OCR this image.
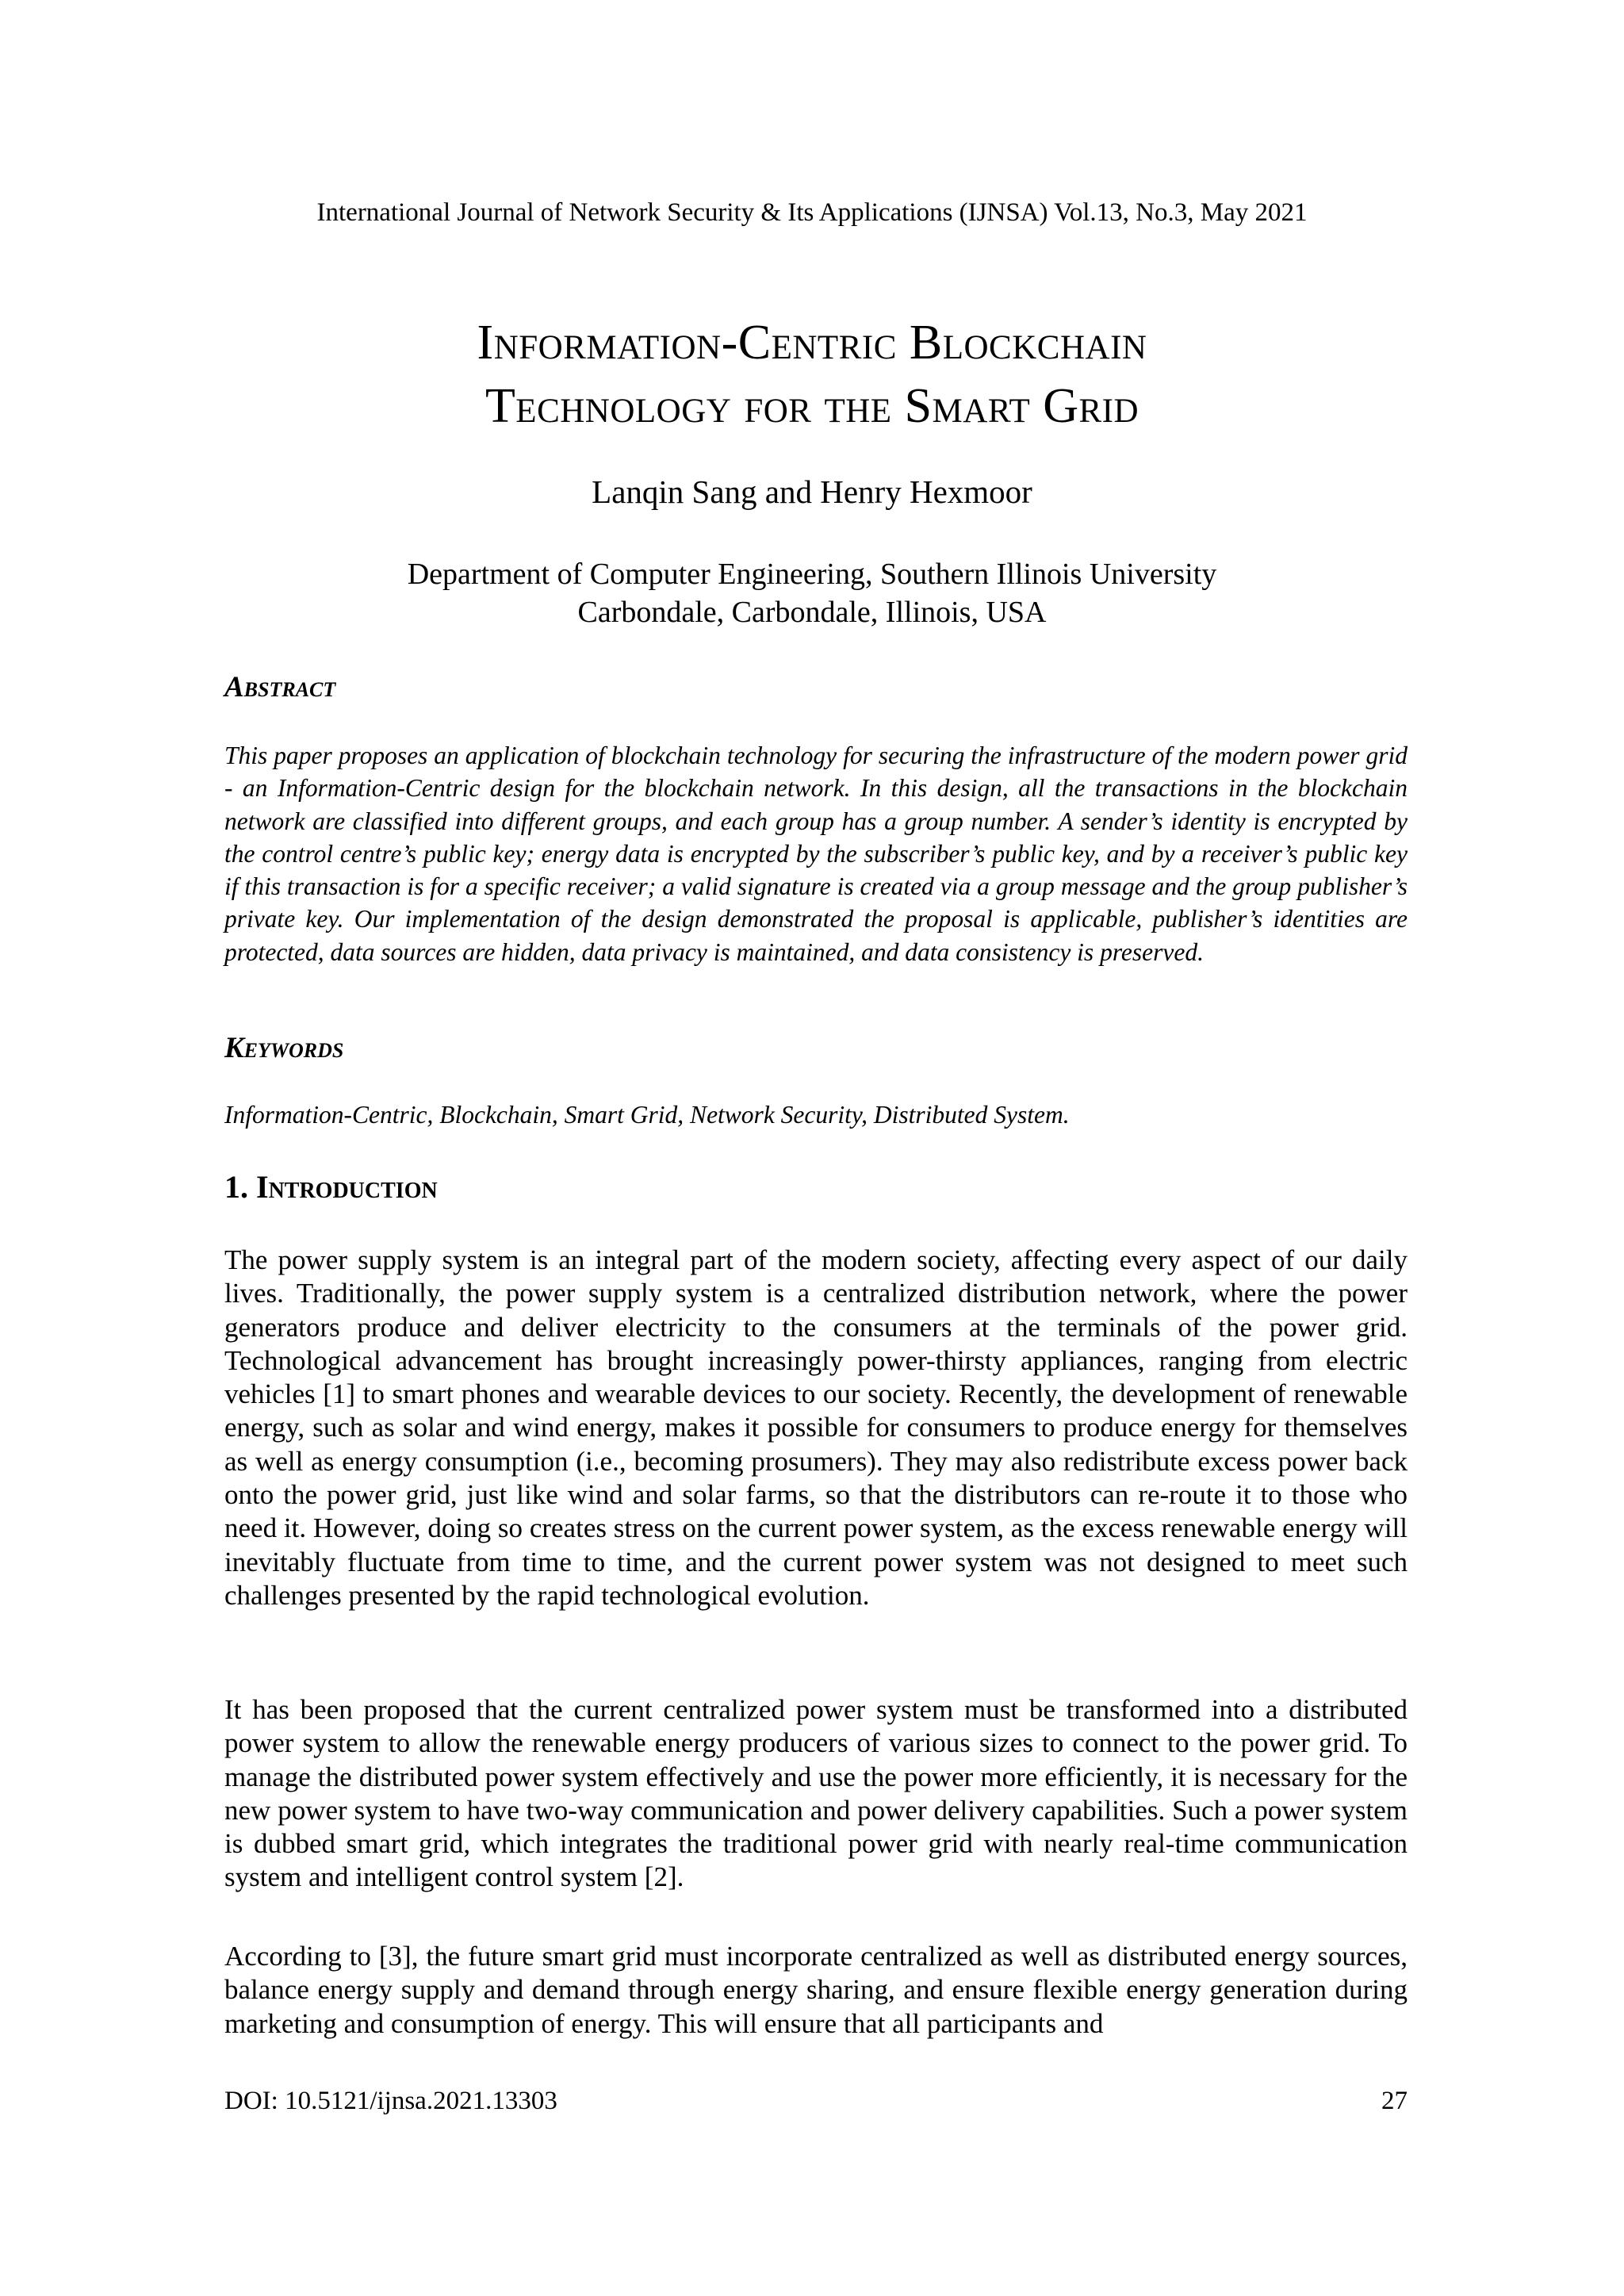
International Journal of Network Security & Its Applications (IJNSA) Vol.13, No.3, May 2021
Information-Centric Blockchain
Technology for the Smart Grid
Lanqin Sang and Henry Hexmoor
Department of Computer Engineering, Southern Illinois University
Carbondale, Carbondale, Illinois, USA
Abstract
This paper proposes an application of blockchain technology for securing the infrastructure of the modern power grid - an Information-Centric design for the blockchain network. In this design, all the transactions in the blockchain network are classified into different groups, and each group has a group number. A sender’s identity is encrypted by the control centre’s public key; energy data is encrypted by the subscriber’s public key, and by a receiver’s public key if this transaction is for a specific receiver; a valid signature is created via a group message and the group publisher’s private key. Our implementation of the design demonstrated the proposal is applicable, publisher’s identities are protected, data sources are hidden, data privacy is maintained, and data consistency is preserved.
Keywords
Information-Centric, Blockchain, Smart Grid, Network Security, Distributed System.
1. Introduction
The power supply system is an integral part of the modern society, affecting every aspect of our daily lives. Traditionally, the power supply system is a centralized distribution network, where the power generators produce and deliver electricity to the consumers at the terminals of the power grid. Technological advancement has brought increasingly power-thirsty appliances, ranging from electric vehicles [1] to smart phones and wearable devices to our society. Recently, the development of renewable energy, such as solar and wind energy, makes it possible for consumers to produce energy for themselves as well as energy consumption (i.e., becoming prosumers). They may also redistribute excess power back onto the power grid, just like wind and solar farms, so that the distributors can re-route it to those who need it. However, doing so creates stress on the current power system, as the excess renewable energy will inevitably fluctuate from time to time, and the current power system was not designed to meet such challenges presented by the rapid technological evolution.
It has been proposed that the current centralized power system must be transformed into a distributed power system to allow the renewable energy producers of various sizes to connect to the power grid. To manage the distributed power system effectively and use the power more efficiently, it is necessary for the new power system to have two-way communication and power delivery capabilities. Such a power system is dubbed smart grid, which integrates the traditional power grid with nearly real-time communication system and intelligent control system [2].
According to [3], the future smart grid must incorporate centralized as well as distributed energy sources, balance energy supply and demand through energy sharing, and ensure flexible energy generation during marketing and consumption of energy. This will ensure that all participants and
DOI: 10.5121/ijnsa.2021.13303	27
